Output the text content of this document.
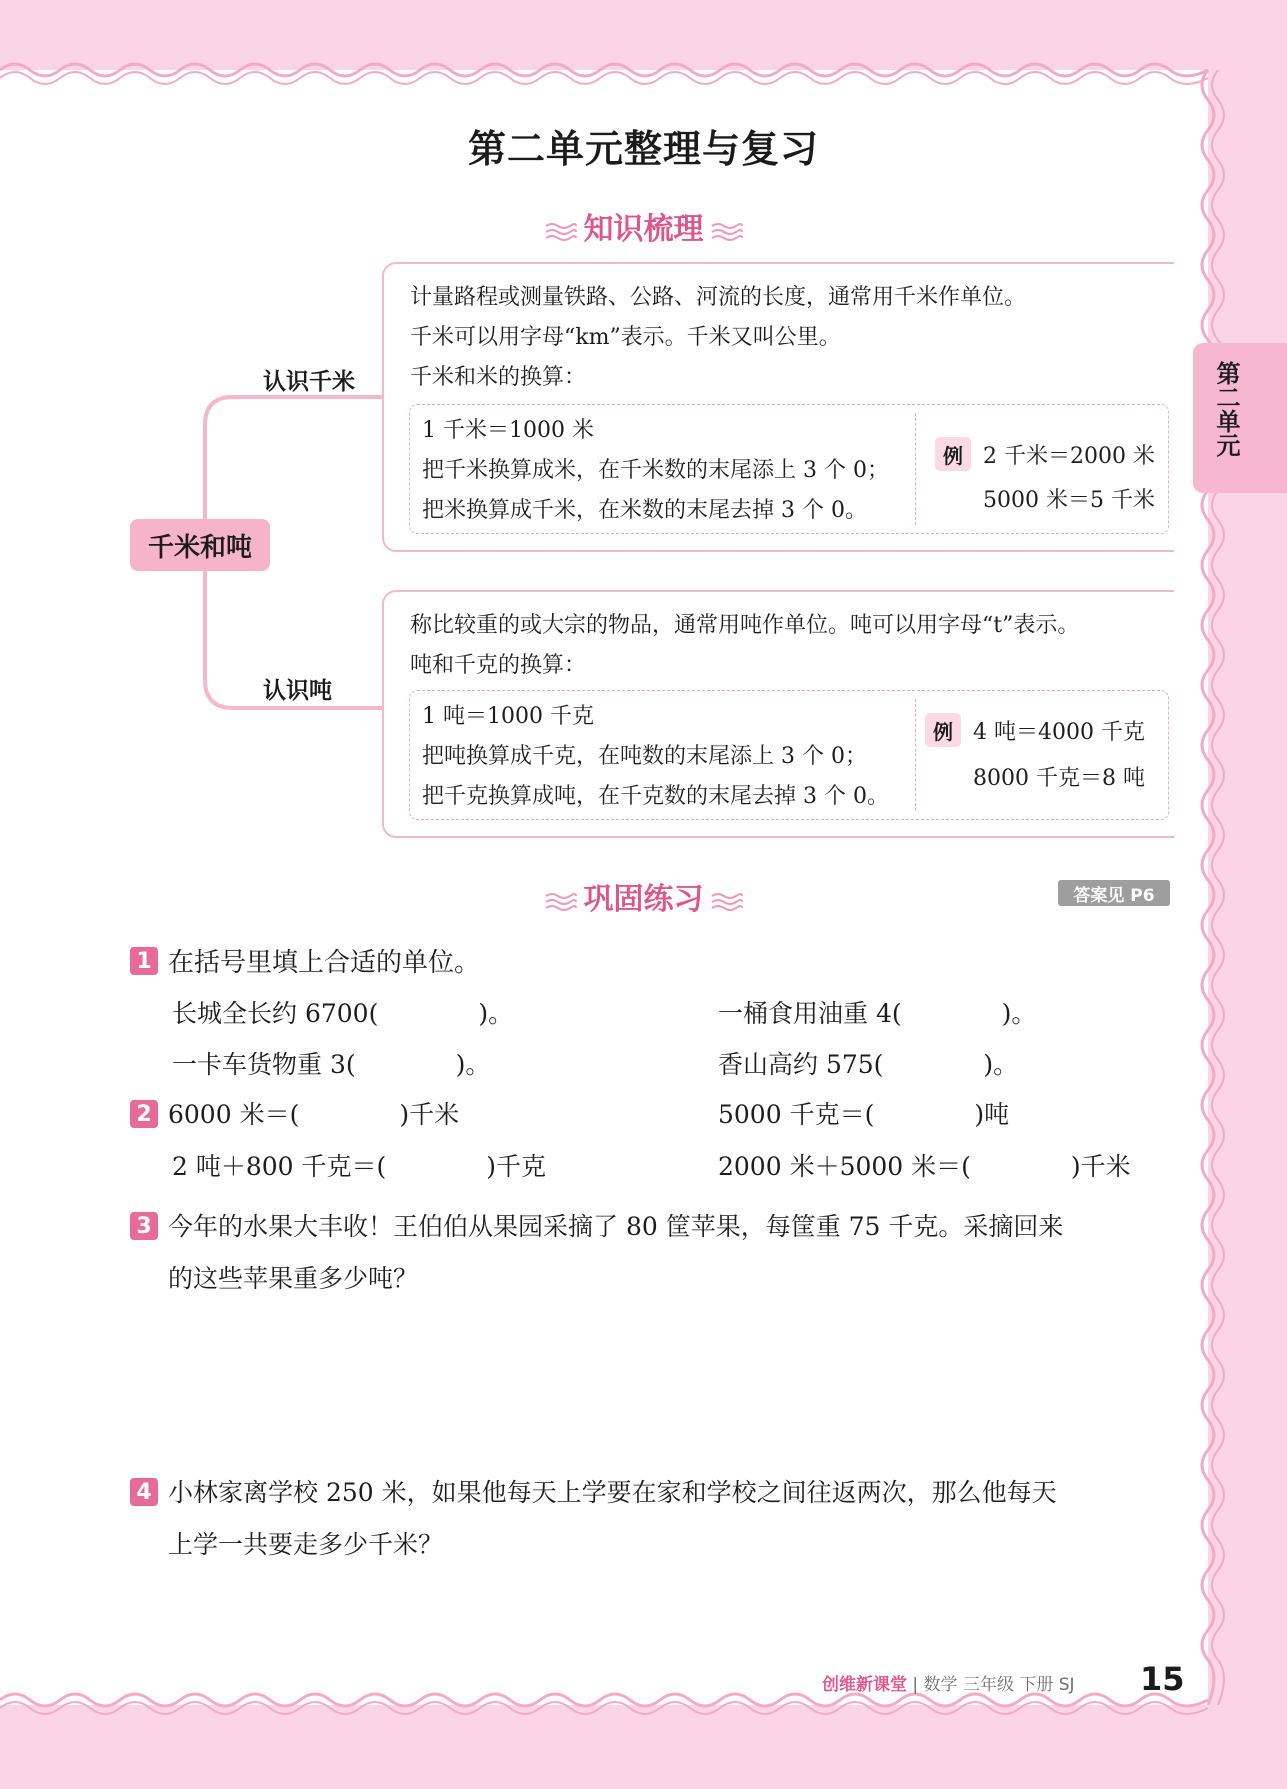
第二单元整理与复习
第二单元
知识梳理
千米和吨
认识千米
认识吨

计量路程或测量铁路、公路、河流的长度，通常用千米作单位。

千米可以用字母“km”表示。千米又叫公里。

千米和米的换算：

1 千米＝1000 米

把千米换算成米，在千米数的末尾添上 3 个 0；

把米换算成千米，在米数的末尾去掉 3 个 0。

例 2 千米＝2000 米
5000 米＝5 千米

称比较重的或大宗的物品，通常用吨作单位。吨可以用字母“t”表示。

吨和千克的换算：

1 吨＝1000 千克

把吨换算成千克，在吨数的末尾添上 3 个 0；

把千克换算成吨，在千克数的末尾去掉 3 个 0。

例 4 吨＝4000 千克
8000 千克＝8 吨
巩固练习	答案见 P6
1 在括号里填上合适的单位。
长城全长约 6700(　　　　)。	一桶食用油重 4(　　　　)。
一卡车货物重 3(　　　　)。	香山高约 575(　　　　)。
2 6000 米＝(　　　　)千米	5000 千克＝(　　　　)吨
2 吨＋800 千克＝(　　　　)千克	2000 米＋5000 米＝(　　　　)千米
3 今年的水果大丰收！王伯伯从果园采摘了 80 筐苹果，每筐重 75 千克。采摘回来
的这些苹果重多少吨？
4 小林家离学校 250 米，如果他每天上学要在家和学校之间往返两次，那么他每天
上学一共要走多少千米？
创维新课堂 | 数学 三年级 下册 SJ 15
